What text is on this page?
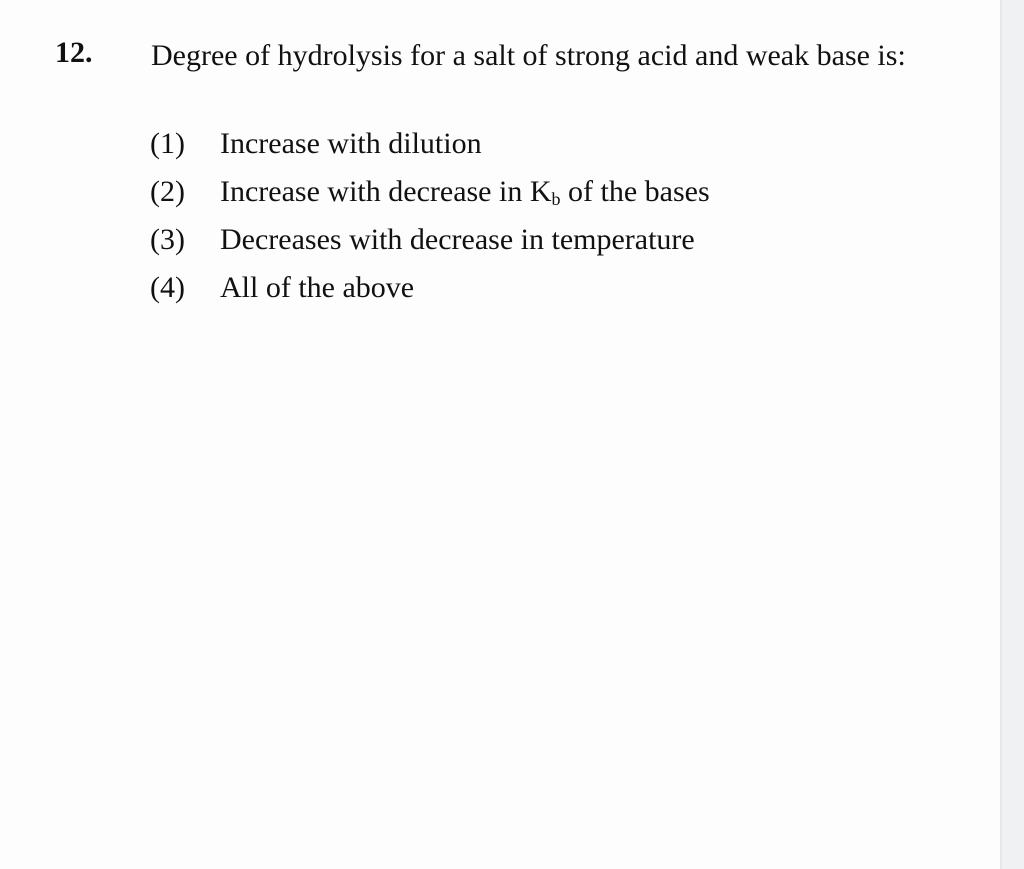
12. Degree of hydrolysis for a salt of strong acid and weak base is:
(1)	Increase with dilution
(2)	Increase with decrease in $K_b$ of the bases
(3)	Decreases with decrease in temperature
(4)	All of the above
